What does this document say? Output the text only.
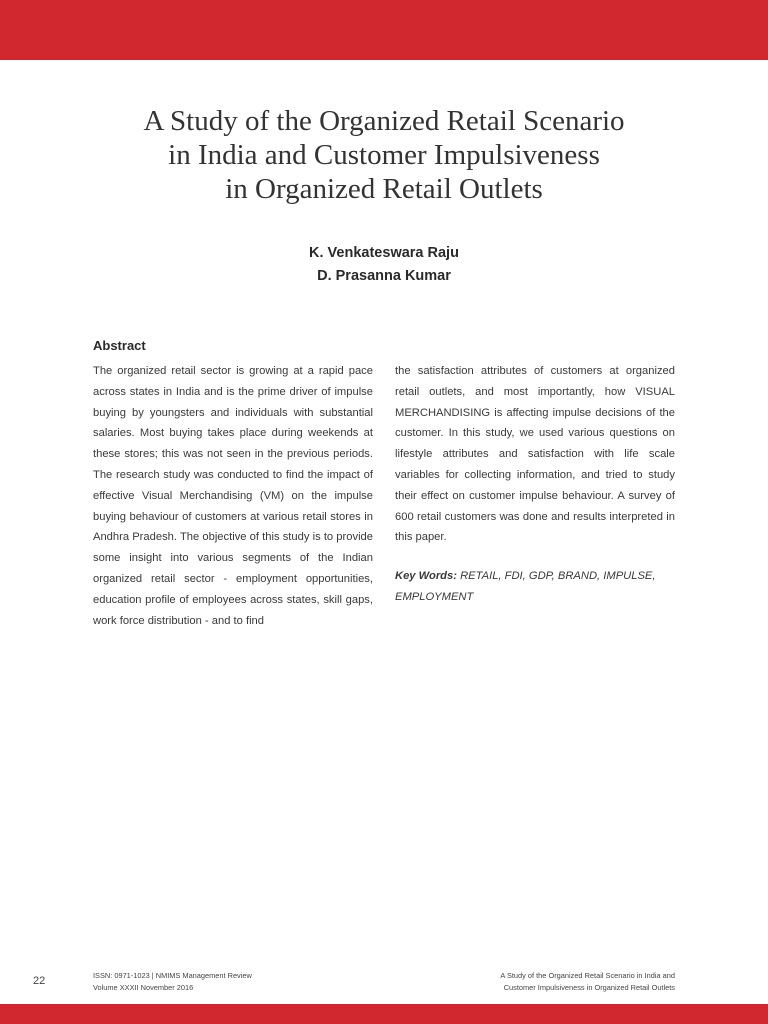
A Study of the Organized Retail Scenario
in India and Customer Impulsiveness
in Organized Retail Outlets
K. Venkateswara Raju
D. Prasanna Kumar
Abstract

The organized retail sector is growing at a rapid pace across states in India and is the prime driver of impulse buying by youngsters and individuals with substantial salaries. Most buying takes place during weekends at these stores; this was not seen in the previous periods. The research study was conducted to find the impact of effective Visual Merchandising (VM) on the impulse buying behaviour of customers at various retail stores in Andhra Pradesh. The objective of this study is to provide some insight into various segments of the Indian organized retail sector - employment opportunities, education profile of employees across states, skill gaps, work force distribution - and to find

the satisfaction attributes of customers at organized retail outlets, and most importantly, how VISUAL MERCHANDISING is affecting impulse decisions of the customer. In this study, we used various questions on lifestyle attributes and satisfaction with life scale variables for collecting information, and tried to study their effect on customer impulse behaviour. A survey of 600 retail customers was done and results interpreted in this paper.

Key Words: RETAIL, FDI, GDP, BRAND, IMPULSE, EMPLOYMENT
22	ISSN: 0971-1023 | NMIMS Management Review
Volume XXXII November 2016
A Study of the Organized Retail Scenario in India and
Customer Impulsiveness in Organized Retail Outlets
